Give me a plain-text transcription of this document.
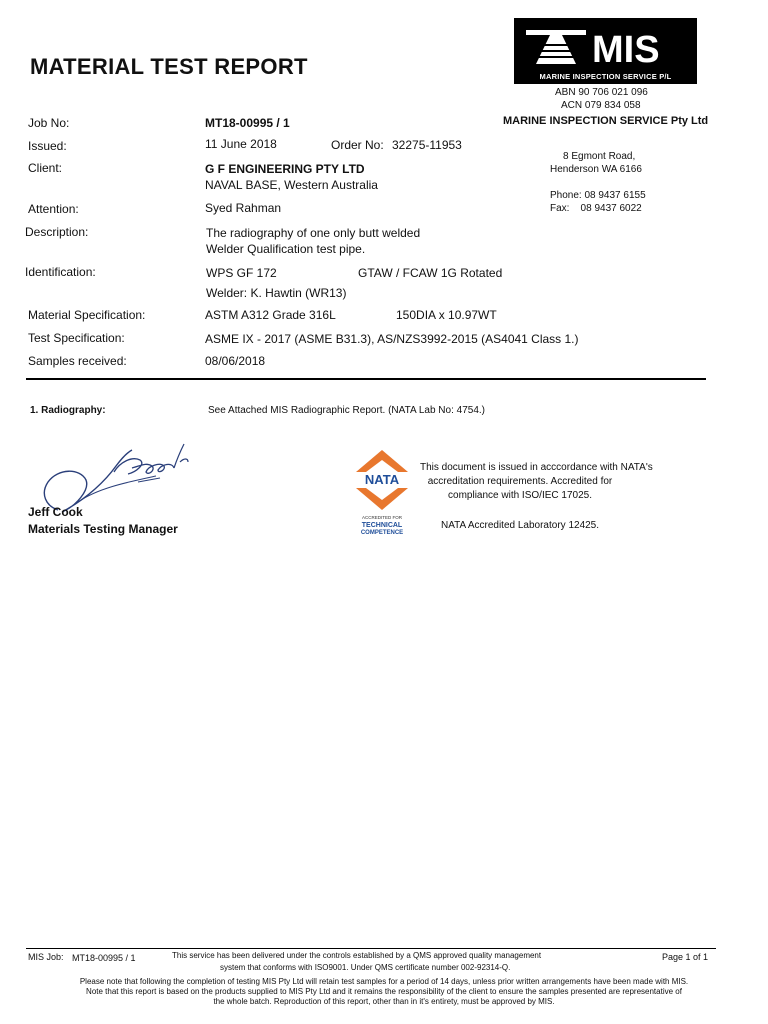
MATERIAL TEST REPORT	MIS
MARINE INSPECTION SERVICE P/L
ABN 90 706 021 096
ACN 079 834 058
MARINE INSPECTION SERVICE Pty Ltd
8 Egmont Road,
Henderson WA 6166
Phone: 08 9437 6155
Fax:    08 9437 6022
Job No:	MT18-00995 / 1
Issued:	11 June 2018	Order No: 32275-11953
Client:	G F ENGINEERING PTY LTD
NAVAL BASE, Western Australia
Attention:	Syed Rahman
Description:	The radiography of one only butt welded
Welder Qualification test pipe.
Identification:	WPS GF 172	GTAW / FCAW 1G Rotated
Welder: K. Hawtin (WR13)
Material Specification:	ASTM A312 Grade 316L	150DIA x 10.97WT
Test Specification:	ASME IX - 2017 (ASME B31.3), AS/NZS3992-2015 (AS4041 Class 1.)
Samples received:	08/06/2018
1. Radiography:	See Attached MIS Radiographic Report. (NATA Lab No: 4754.)
Jeff Cook
Materials Testing Manager
NATA
ACCREDITED FOR
TECHNICAL
COMPETENCE
This document is issued in acccordance with NATA's
accreditation requirements. Accredited for
compliance with ISO/IEC 17025.
NATA Accredited Laboratory 12425.
MIS Job: MT18-00995 / 1	This service has been delivered under the controls established by a QMS approved quality management
system that conforms with ISO9001. Under QMS certificate number 002-92314-Q.
Page 1 of 1
Please note that following the completion of testing MIS Pty Ltd will retain test samples for a period of 14 days, unless prior written arrangements have been made with MIS.
Note that this report is based on the products supplied to MIS Pty Ltd and it remains the responsibility of the client to ensure the samples presented are representative of
the whole batch. Reproduction of this report, other than in it's entirety, must be approved by MIS.
